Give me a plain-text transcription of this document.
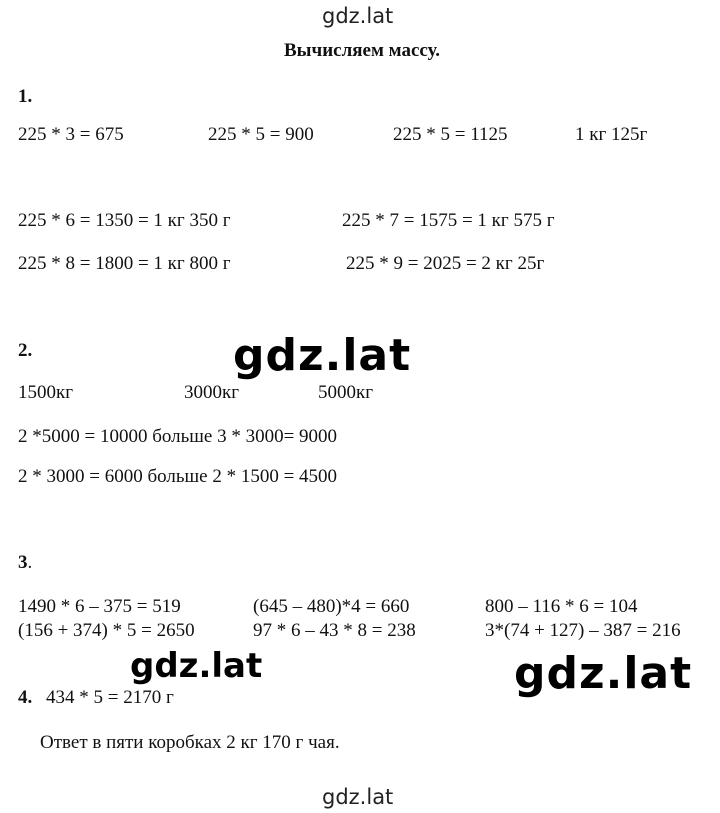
gdz.lat
gdz.lat
gdz.lat	gdz.lat
gdz.lat
Вычисляем массу.
1.
225 * 3 = 675	225 * 5 = 900	225 * 5 = 1125	1 кг 125г
225 * 6 = 1350 = 1 кг 350 г	225 * 7 = 1575 = 1 кг 575 г
225 * 8 = 1800 = 1 кг 800 г	225 * 9 = 2025 = 2 кг 25г
2.
1500кг	3000кг	5000кг
2 *5000 = 10000 больше 3 * 3000= 9000
2 * 3000 = 6000 больше 2 * 1500 = 4500
3.
1490 * 6 – 375 = 519	(645 – 480)*4 = 660	800 – 116 * 6 = 104
(156 + 374) * 5 = 2650	97 * 6 – 43 * 8 = 238	3*(74 + 127) – 387 = 216
4. 434 * 5 = 2170 г
Ответ в пяти коробках 2 кг 170 г чая.
